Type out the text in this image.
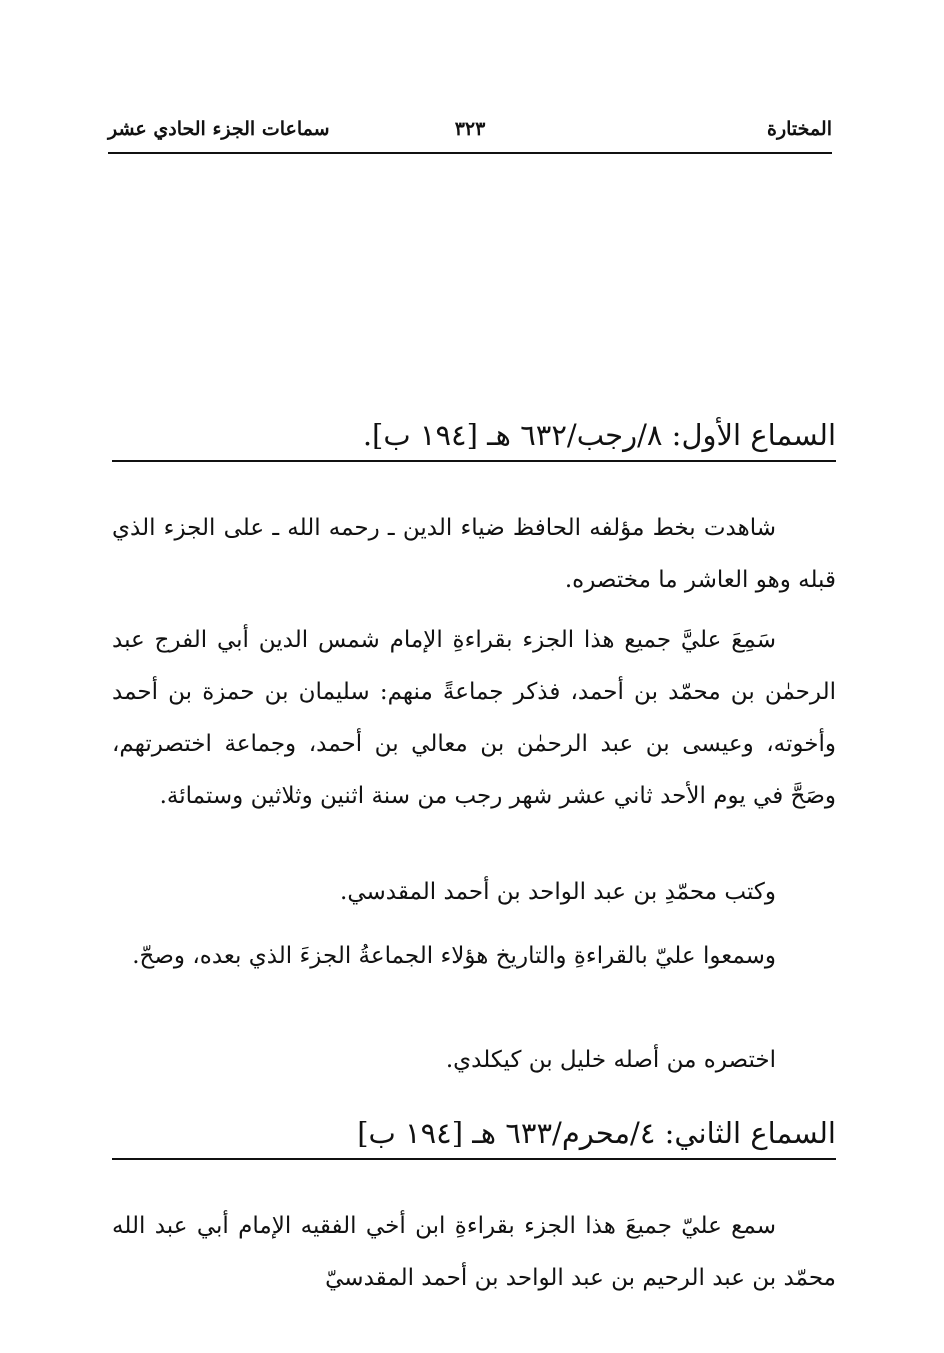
المختارة
٣٢٣
سماعات الجزء الحادي عشر
السماع الأول: ٨/رجب/٦٣٢ هـ [١٩٤ ب].
شاهدت بخط مؤلفه الحافظ ضياء الدين ـ رحمه الله ـ على الجزء الذي قبله وهو العاشر ما مختصره.
سَمِعَ عليَّ جميع هذا الجزء بقراءةِ الإمام شمس الدين أبي الفرج عبد الرحمٰن بن محمّد بن أحمد، فذكر جماعةً منهم: سليمان بن حمزة بن أحمد وأخوته، وعيسى بن عبد الرحمٰن بن معالي بن أحمد، وجماعة اختصرتهم، وصَحَّ في يوم الأحد ثاني عشر شهر رجب من سنة اثنين وثلاثين وستمائة.
وكتب محمّدِ بن عبد الواحد بن أحمد المقدسي.
وسمعوا عليّ بالقراءةِ والتاريخ هؤلاء الجماعةُ الجزءَ الذي بعده، وصحّ.
اختصره من أصله خليل بن كيكلدي.
السماع الثاني: ٤/محرم/٦٣٣ هـ [١٩٤ ب]
سمع عليّ جميعَ هذا الجزء بقراءةِ ابن أخي الفقيه الإمام أبي عبد الله محمّد بن عبد الرحيم بن عبد الواحد بن أحمد المقدسيّ
